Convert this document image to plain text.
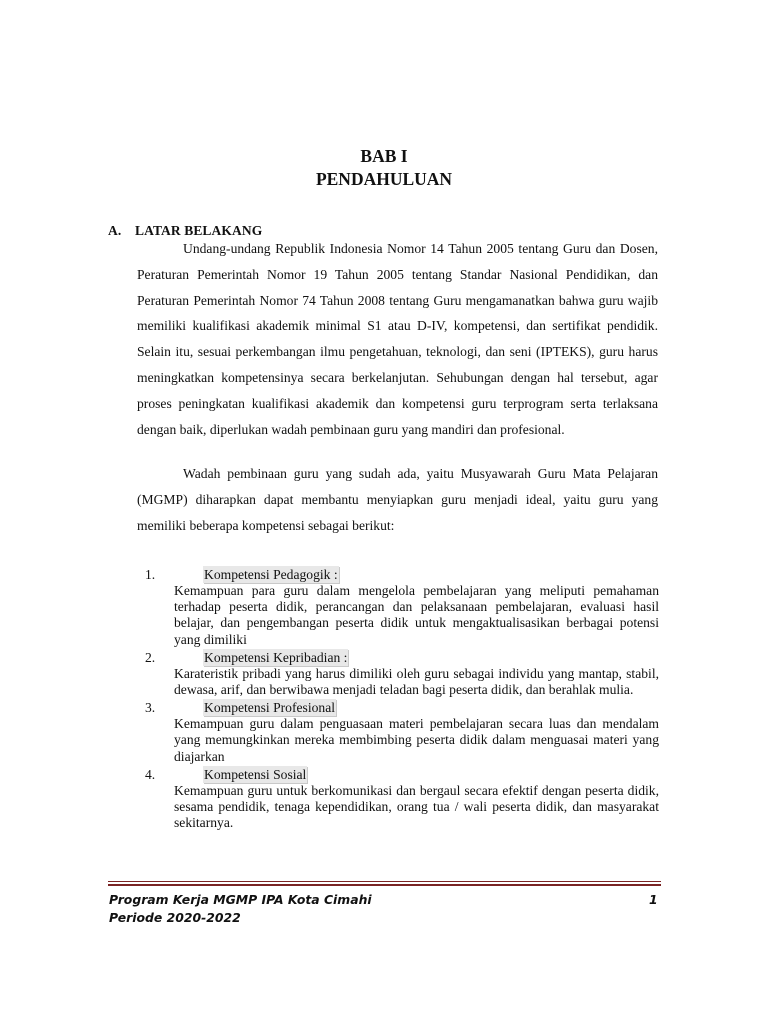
BAB I
PENDAHULUAN
A. LATAR BELAKANG
Undang-undang Republik Indonesia Nomor 14 Tahun 2005 tentang Guru dan Dosen, Peraturan Pemerintah Nomor 19 Tahun 2005 tentang Standar Nasional Pendidikan, dan Peraturan Pemerintah Nomor 74 Tahun 2008 tentang Guru mengamanatkan bahwa guru wajib memiliki kualifikasi akademik minimal S1 atau D-IV, kompetensi, dan sertifikat pendidik. Selain itu, sesuai perkembangan ilmu pengetahuan, teknologi, dan seni (IPTEKS), guru harus meningkatkan kompetensinya secara berkelanjutan. Sehubungan dengan hal tersebut, agar proses peningkatan kualifikasi akademik dan kompetensi guru terprogram serta terlaksana dengan baik, diperlukan wadah pembinaan guru yang mandiri dan profesional.
Wadah pembinaan guru yang sudah ada, yaitu Musyawarah Guru Mata Pelajaran (MGMP) diharapkan dapat membantu menyiapkan guru menjadi ideal, yaitu guru yang memiliki beberapa kompetensi sebagai berikut:
1.	Kompetensi Pedagogik :
Kemampuan para guru dalam mengelola pembelajaran yang meliputi pemahaman terhadap peserta didik, perancangan dan pelaksanaan pembelajaran, evaluasi hasil belajar, dan pengembangan peserta didik untuk mengaktualisasikan berbagai potensi yang dimiliki
2.	Kompetensi Kepribadian :
Karateristik pribadi yang harus dimiliki oleh guru sebagai individu yang mantap, stabil, dewasa, arif, dan berwibawa menjadi teladan bagi peserta didik, dan berahlak mulia.
3.	Kompetensi Profesional
Kemampuan guru dalam penguasaan materi pembelajaran secara luas dan mendalam yang memungkinkan mereka membimbing peserta didik dalam menguasai materi yang diajarkan
4.	Kompetensi Sosial
Kemampuan guru untuk berkomunikasi dan bergaul secara efektif dengan peserta didik, sesama pendidik, tenaga kependidikan, orang tua / wali peserta didik, dan masyarakat sekitarnya.
Program Kerja MGMP IPA Kota Cimahi
Periode 2020-2022
1
